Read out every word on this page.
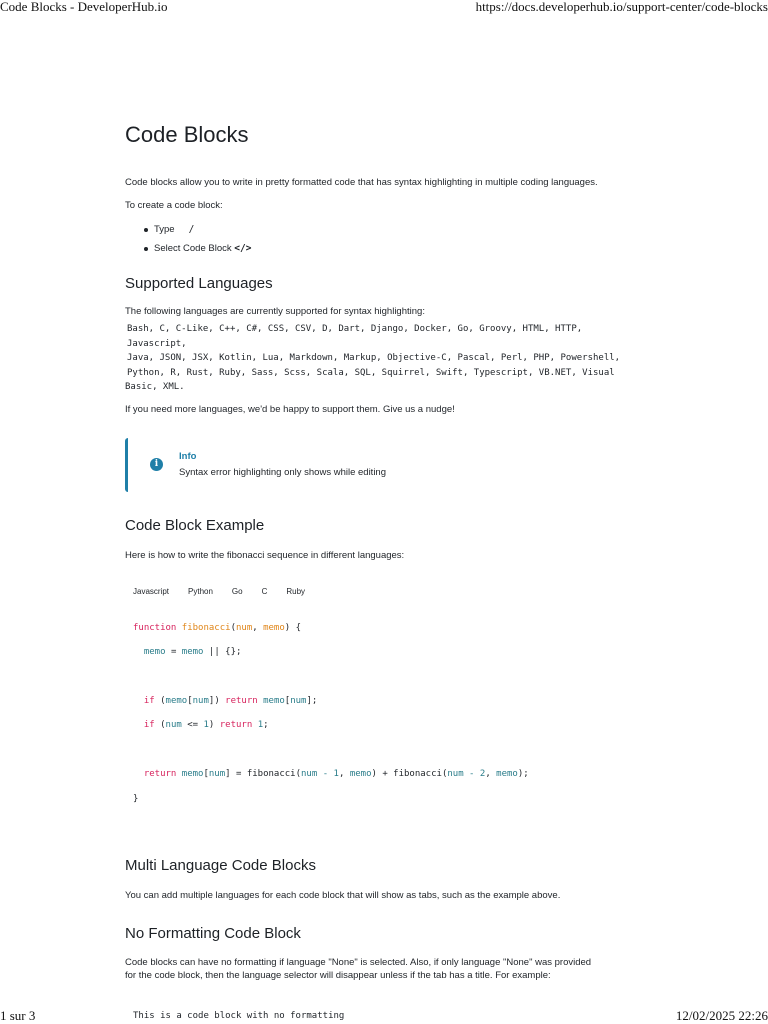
Code Blocks - DeveloperHub.io	https://docs.developerhub.io/support-center/code-blocks
Code Blocks

Code blocks allow you to write in pretty formatted code that has syntax highlighting in multiple coding languages.

To create a code block:

Type /
Select Code Block </>
Supported Languages

The following languages are currently supported for syntax highlighting:

Bash, C, C-Like, C++, C#, CSS, CSV, D, Dart, Django, Docker, Go, Groovy, HTML, HTTP, Javascript,
Java, JSON, JSX, Kotlin, Lua, Markdown, Markup, Objective-C, Pascal, Perl, PHP, Powershell,
Python, R, Rust, Ruby, Sass, Scss, Scala, SQL, Squirrel, Swift, Typescript, VB.NET, Visual
Basic, XML.

If you need more languages, we'd be happy to support them. Give us a nudge!

i
Info
Syntax error highlighting only shows while editing
Code Block Example

Here is how to write the fibonacci sequence in different languages:

Javascript Python Go C Ruby

function fibonacci(num, memo) {

memo = memo || {};

if (memo[num]) return memo[num];

if (num <= 1) return 1;

return memo[num] = fibonacci(num - 1, memo) + fibonacci(num - 2, memo);

}

Multi Language Code Blocks

You can add multiple languages for each code block that will show as tabs, such as the example above.

No Formatting Code Block

Code blocks can have no formatting if language "None" is selected. Also, if only language "None" was provided

for the code block, then the language selector will disappear unless if the tab has a title. For example:

This is a code block with no formatting
1 sur 3	12/02/2025 22:26
